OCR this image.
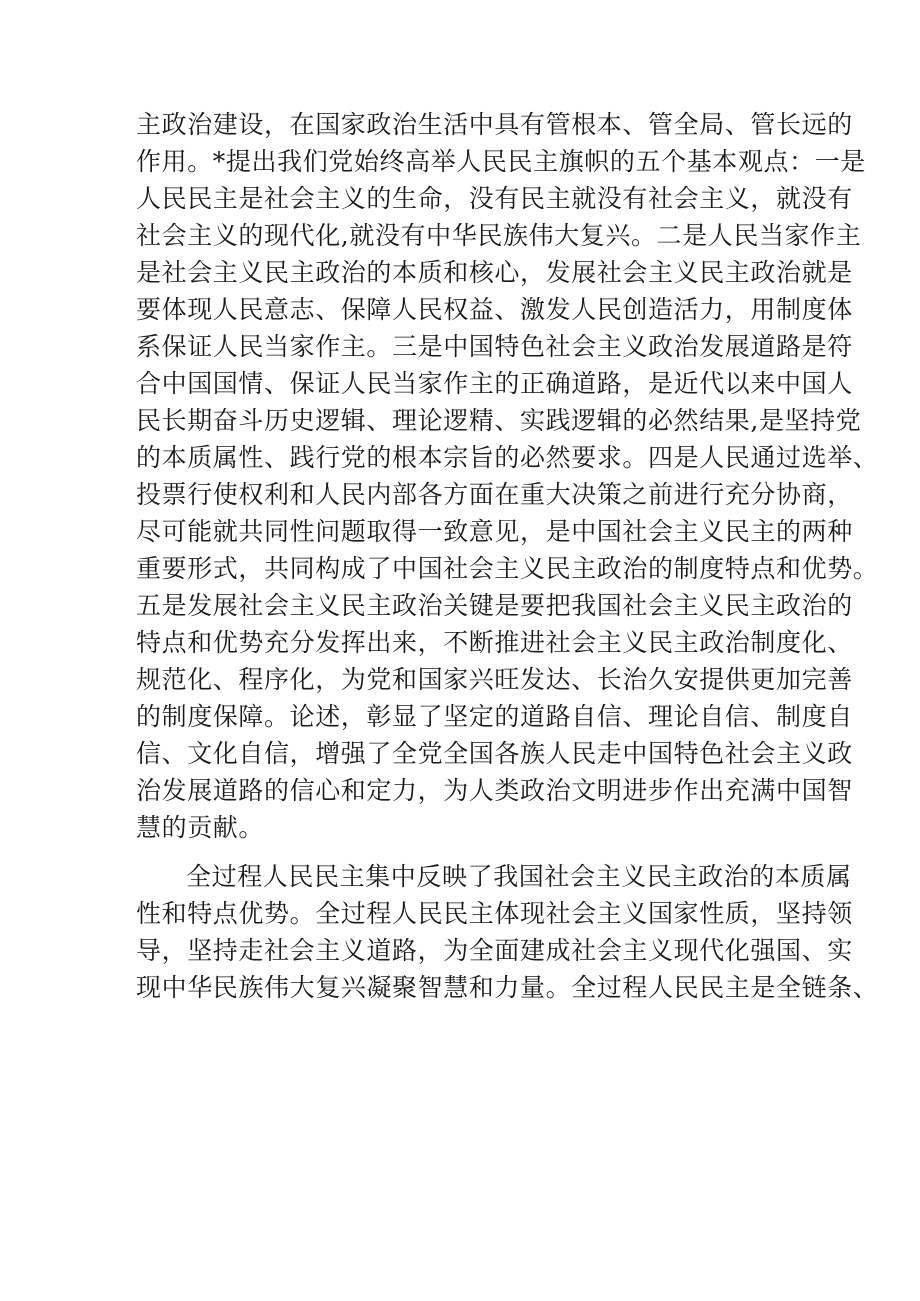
主政治建设，在国家政治生活中具有管根本、管全局、管长远的
作用。*提出我们党始终高举人民民主旗帜的五个基本观点：一是
人民民主是社会主义的生命，没有民主就没有社会主义，就没有
社会主义的现代化,就没有中华民族伟大复兴。二是人民当家作主
是社会主义民主政治的本质和核心，发展社会主义民主政治就是
要体现人民意志、保障人民权益、激发人民创造活力，用制度体
系保证人民当家作主。三是中国特色社会主义政治发展道路是符
合中国国情、保证人民当家作主的正确道路，是近代以来中国人
民长期奋斗历史逻辑、理论逻精、实践逻辑的必然结果,是坚持党
的本质属性、践行党的根本宗旨的必然要求。四是人民通过选举、
投票行使权利和人民内部各方面在重大决策之前进行充分协商，
尽可能就共同性问题取得一致意见，是中国社会主义民主的两种
重要形式，共同构成了中国社会主义民主政治的制度特点和优势。
五是发展社会主义民主政治关键是要把我国社会主义民主政治的
特点和优势充分发挥出来，不断推进社会主义民主政治制度化、
规范化、程序化，为党和国家兴旺发达、长治久安提供更加完善
的制度保障。论述，彰显了坚定的道路自信、理论自信、制度自
信、文化自信，增强了全党全国各族人民走中国特色社会主义政
治发展道路的信心和定力，为人类政治文明进步作出充满中国智
慧的贡献。
全过程人民民主集中反映了我国社会主义民主政治的本质属
性和特点优势。全过程人民民主体现社会主义国家性质，坚持领
导，坚持走社会主义道路，为全面建成社会主义现代化强国、实
现中华民族伟大复兴凝聚智慧和力量。全过程人民民主是全链条、
